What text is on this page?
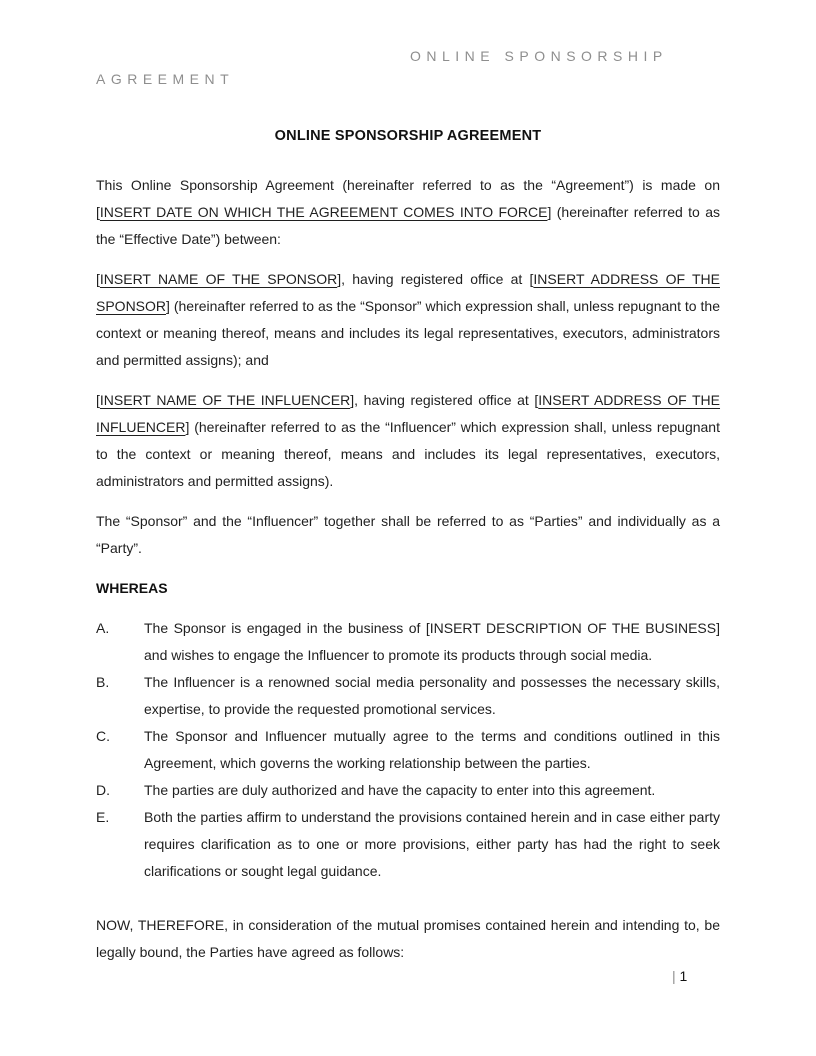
ONLINE SPONSORSHIP
AGREEMENT
ONLINE SPONSORSHIP AGREEMENT

This Online Sponsorship Agreement (hereinafter referred to as the “Agreement”) is made on [INSERT DATE ON WHICH THE AGREEMENT COMES INTO FORCE] (hereinafter referred to as the “Effective Date”) between:

[INSERT NAME OF THE SPONSOR], having registered office at [INSERT ADDRESS OF THE SPONSOR] (hereinafter referred to as the “Sponsor” which expression shall, unless repugnant to the context or meaning thereof, means and includes its legal representatives, executors, administrators and permitted assigns); and

[INSERT NAME OF THE INFLUENCER], having registered office at [INSERT ADDRESS OF THE INFLUENCER] (hereinafter referred to as the “Influencer” which expression shall, unless repugnant to the context or meaning thereof, means and includes its legal representatives, executors, administrators and permitted assigns).

The “Sponsor” and the “Influencer” together shall be referred to as “Parties” and individually as a “Party”.

WHEREAS

A.	The Sponsor is engaged in the business of [INSERT DESCRIPTION OF THE BUSINESS] and wishes to engage the Influencer to promote its products through social media.
B.	The Influencer is a renowned social media personality and possesses the necessary skills, expertise, to provide the requested promotional services.
C.	The Sponsor and Influencer mutually agree to the terms and conditions outlined in this Agreement, which governs the working relationship between the parties.
D.	The parties are duly authorized and have the capacity to enter into this agreement.
E.	Both the parties affirm to understand the provisions contained herein and in case either party requires clarification as to one or more provisions, either party has had the right to seek clarifications or sought legal guidance.

NOW, THEREFORE, in consideration of the mutual promises contained herein and intending to, be legally bound, the Parties have agreed as follows:

| 1
